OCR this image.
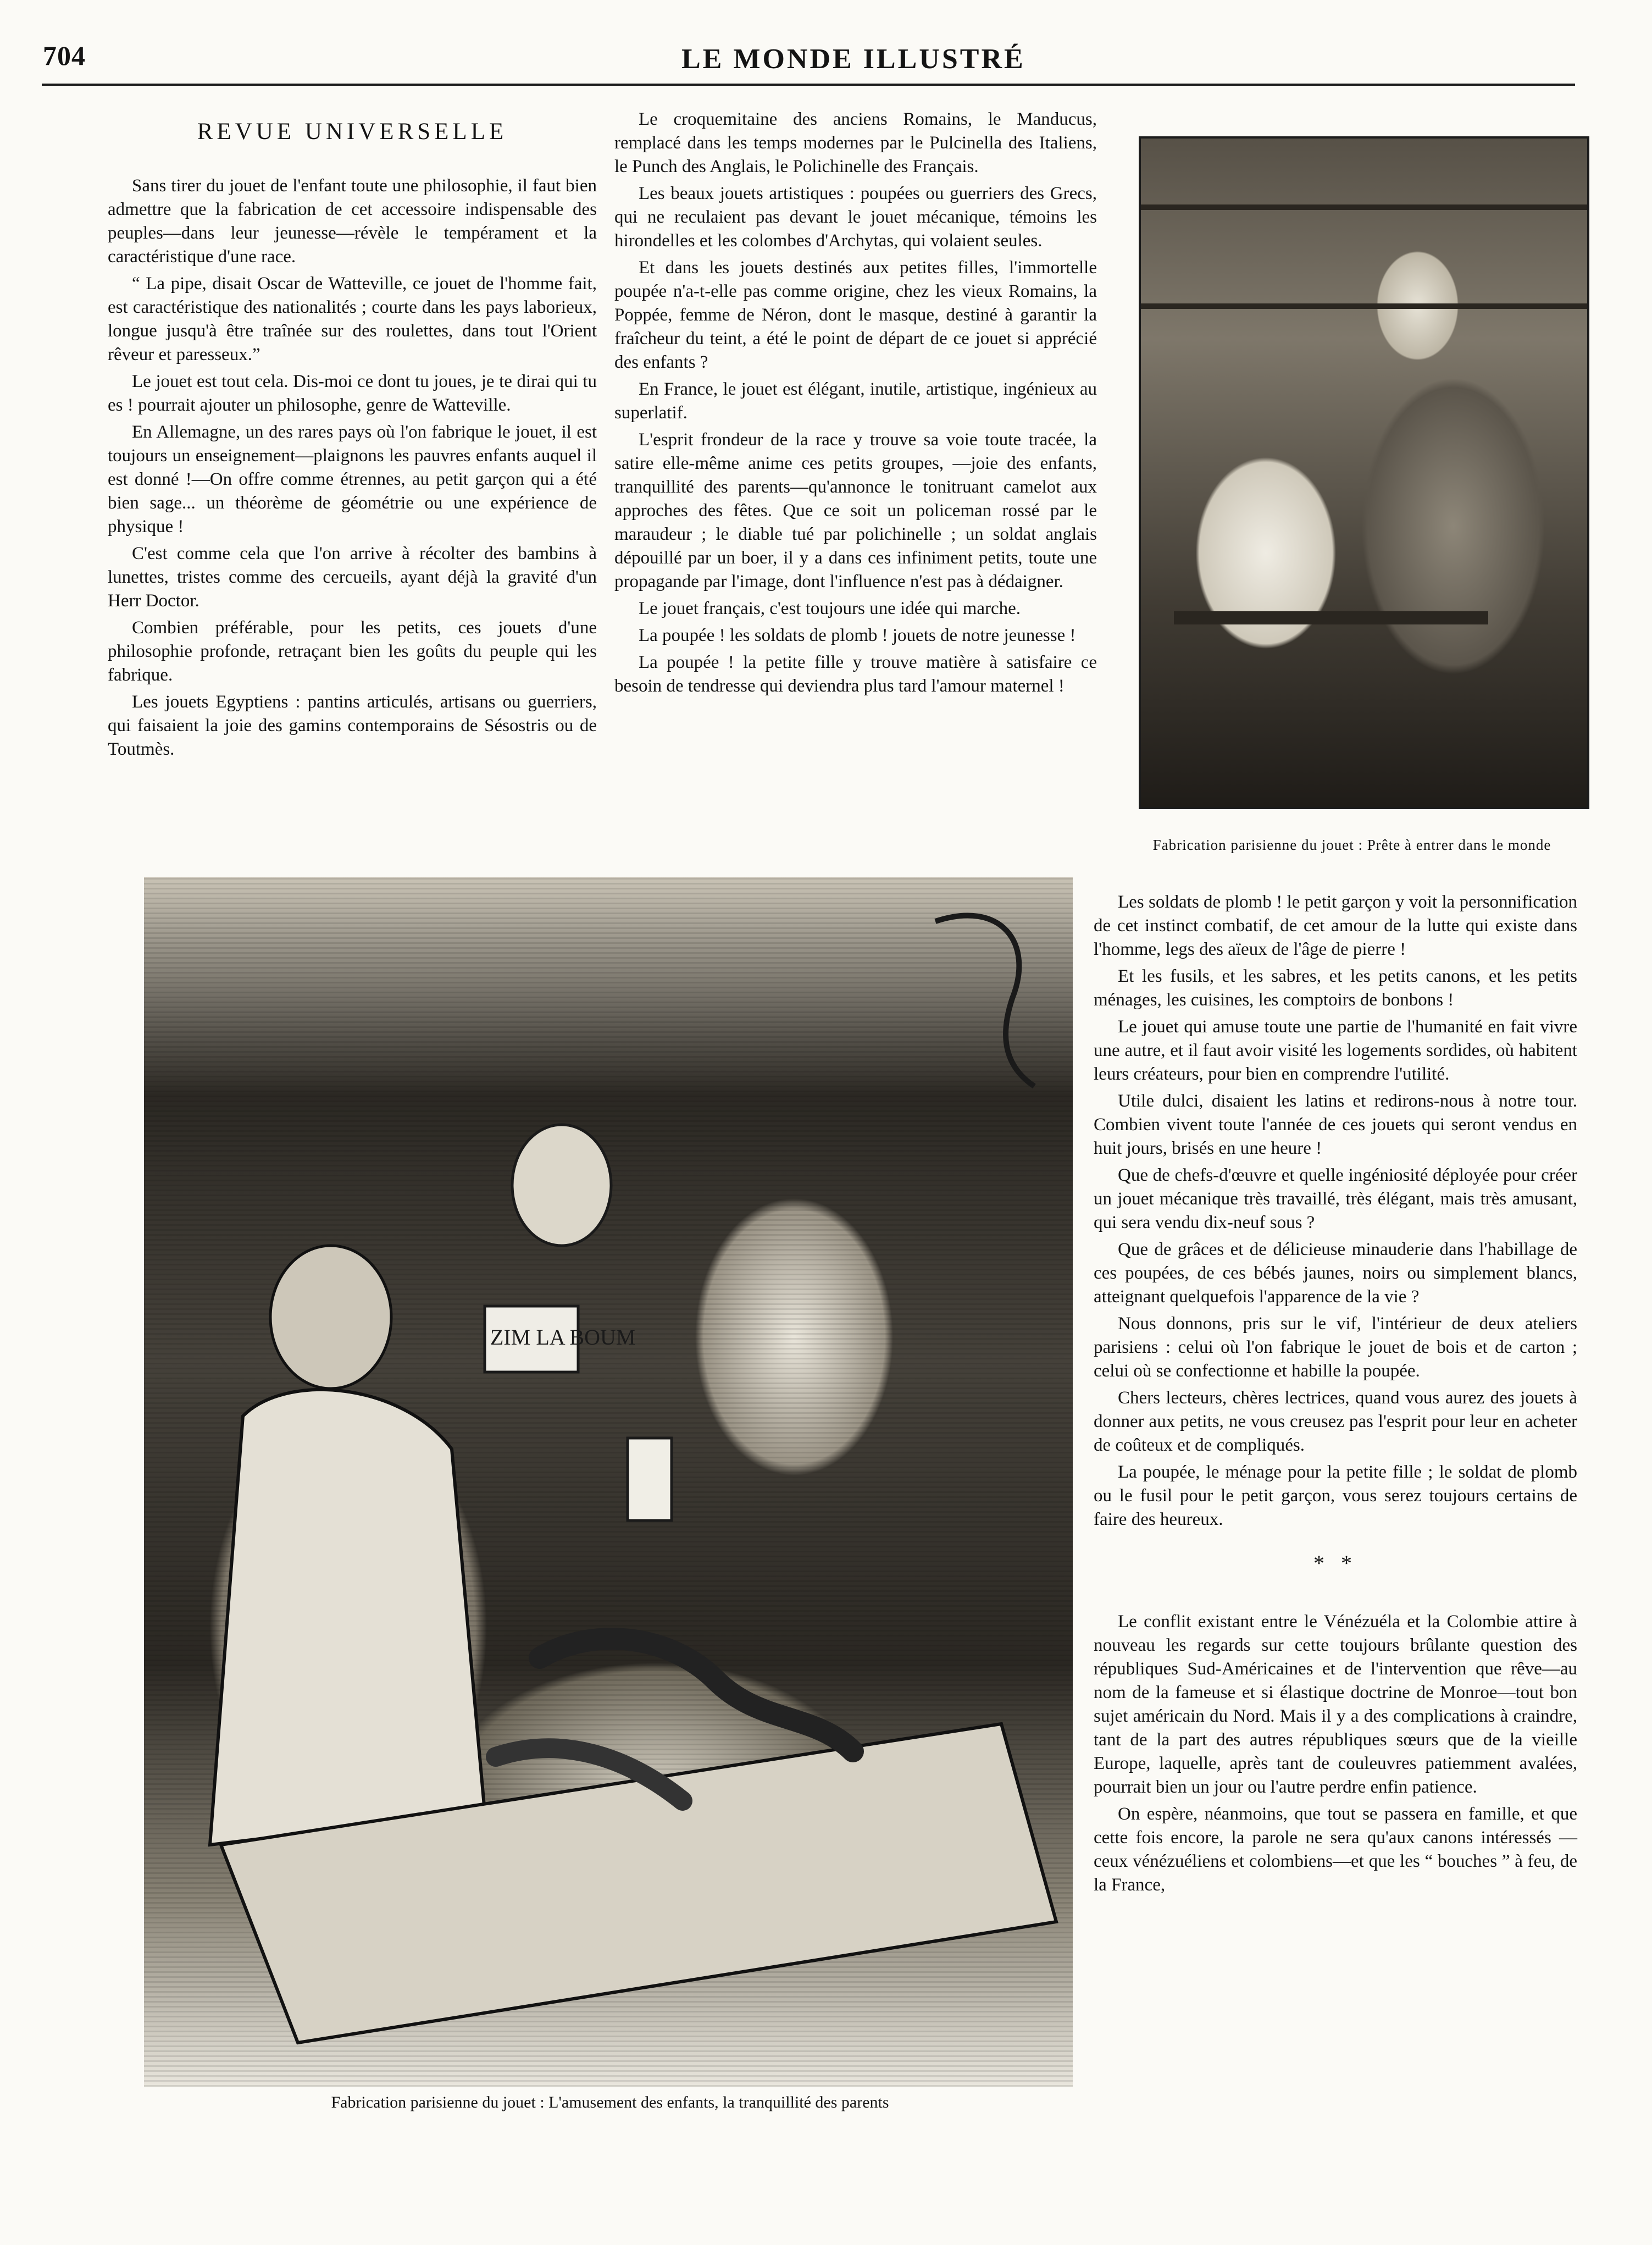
704	LE MONDE ILLUSTRÉ
REVUE UNIVERSELLE

Sans tirer du jouet de l'enfant toute une philosophie, il faut bien admettre que la fabrication de cet accessoire indispensable des peuples—dans leur jeunesse—révèle le tempérament et la caractéristique d'une race.

“ La pipe, disait Oscar de Watteville, ce jouet de l'homme fait, est caractéristique des nationalités ; courte dans les pays laborieux, longue jusqu'à être traînée sur des roulettes, dans tout l'Orient rêveur et paresseux.”

Le jouet est tout cela. Dis-moi ce dont tu joues, je te dirai qui tu es ! pourrait ajouter un philosophe, genre de Watteville.

En Allemagne, un des rares pays où l'on fabrique le jouet, il est toujours un enseignement—plaignons les pauvres enfants auquel il est donné !—On offre comme étrennes, au petit garçon qui a été bien sage... un théorème de géométrie ou une expérience de physique !

C'est comme cela que l'on arrive à récolter des bambins à lunettes, tristes comme des cercueils, ayant déjà la gravité d'un Herr Doctor.

Combien préférable, pour les petits, ces jouets d'une philosophie profonde, retraçant bien les goûts du peuple qui les fabrique.

Les jouets Egyptiens : pantins articulés, artisans ou guerriers, qui faisaient la joie des gamins contemporains de Sésostris ou de Toutmès.

Le croquemitaine des anciens Romains, le Manducus, remplacé dans les temps modernes par le Pulcinella des Italiens, le Punch des Anglais, le Polichinelle des Français.

Les beaux jouets artistiques : poupées ou guerriers des Grecs, qui ne reculaient pas devant le jouet mécanique, témoins les hirondelles et les colombes d'Archytas, qui volaient seules.

Et dans les jouets destinés aux petites filles, l'immortelle poupée n'a-t-elle pas comme origine, chez les vieux Romains, la Poppée, femme de Néron, dont le masque, destiné à garantir la fraîcheur du teint, a été le point de départ de ce jouet si apprécié des enfants ?

En France, le jouet est élégant, inutile, artistique, ingénieux au superlatif.

L'esprit frondeur de la race y trouve sa voie toute tracée, la satire elle-même anime ces petits groupes, —joie des enfants, tranquillité des parents—qu'annonce le tonitruant camelot aux approches des fêtes. Que ce soit un policeman rossé par le maraudeur ; le diable tué par polichinelle ; un soldat anglais dépouillé par un boer, il y a dans ces infiniment petits, toute une propagande par l'image, dont l'influence n'est pas à dédaigner.

Le jouet français, c'est toujours une idée qui marche.

La poupée ! les soldats de plomb ! jouets de notre jeunesse !

La poupée ! la petite fille y trouve matière à satisfaire ce besoin de tendresse qui deviendra plus tard l'amour maternel !

Fabrication parisienne du jouet : Prête à entrer dans le monde
ZIM LA BOUM
Fabrication parisienne du jouet : L'amusement des enfants, la tranquillité des parents

Les soldats de plomb ! le petit garçon y voit la personnification de cet instinct combatif, de cet amour de la lutte qui existe dans l'homme, legs des aïeux de l'âge de pierre !

Et les fusils, et les sabres, et les petits canons, et les petits ménages, les cuisines, les comptoirs de bonbons !

Le jouet qui amuse toute une partie de l'humanité en fait vivre une autre, et il faut avoir visité les logements sordides, où habitent leurs créateurs, pour bien en comprendre l'utilité.

Utile dulci, disaient les latins et redirons-nous à notre tour. Combien vivent toute l'année de ces jouets qui seront vendus en huit jours, brisés en une heure !

Que de chefs-d'œuvre et quelle ingéniosité déployée pour créer un jouet mécanique très travaillé, très élégant, mais très amusant, qui sera vendu dix-neuf sous ?

Que de grâces et de délicieuse minauderie dans l'habillage de ces poupées, de ces bébés jaunes, noirs ou simplement blancs, atteignant quelquefois l'apparence de la vie ?

Nous donnons, pris sur le vif, l'intérieur de deux ateliers parisiens : celui où l'on fabrique le jouet de bois et de carton ; celui où se confectionne et habille la poupée.

Chers lecteurs, chères lectrices, quand vous aurez des jouets à donner aux petits, ne vous creusez pas l'esprit pour leur en acheter de coûteux et de compliqués.

La poupée, le ménage pour la petite fille ; le soldat de plomb ou le fusil pour le petit garçon, vous serez toujours certains de faire des heureux.

* *

Le conflit existant entre le Vénézuéla et la Colombie attire à nouveau les regards sur cette toujours brûlante question des républiques Sud-Américaines et de l'intervention que rêve—au nom de la fameuse et si élastique doctrine de Monroe—tout bon sujet américain du Nord. Mais il y a des complications à craindre, tant de la part des autres républiques sœurs que de la vieille Europe, laquelle, après tant de couleuvres patiemment avalées, pourrait bien un jour ou l'autre perdre enfin patience.

On espère, néanmoins, que tout se passera en famille, et que cette fois encore, la parole ne sera qu'aux canons intéressés — ceux vénézuéliens et colombiens—et que les “ bouches ” à feu, de la France,
